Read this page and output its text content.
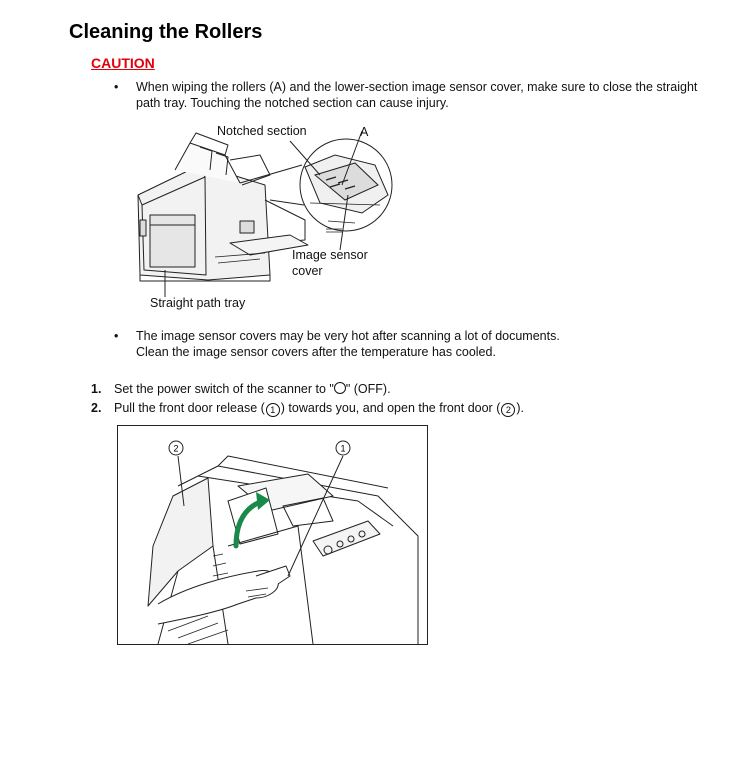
Cleaning the Rollers
CAUTION
• When wiping the rollers (A) and the lower-section image sensor cover, make sure to close the straight
path tray. Touching the notched section can cause injury.
Notched section	A
Image sensor
cover
Straight path tray
• The image sensor covers may be very hot after scanning a lot of documents.
Clean the image sensor covers after the temperature has cooled.
1. Set the power switch of the scanner to " " (OFF).
2. Pull the front door release ( 1 ) towards you, and open the front door ( 2 ).
2	1
